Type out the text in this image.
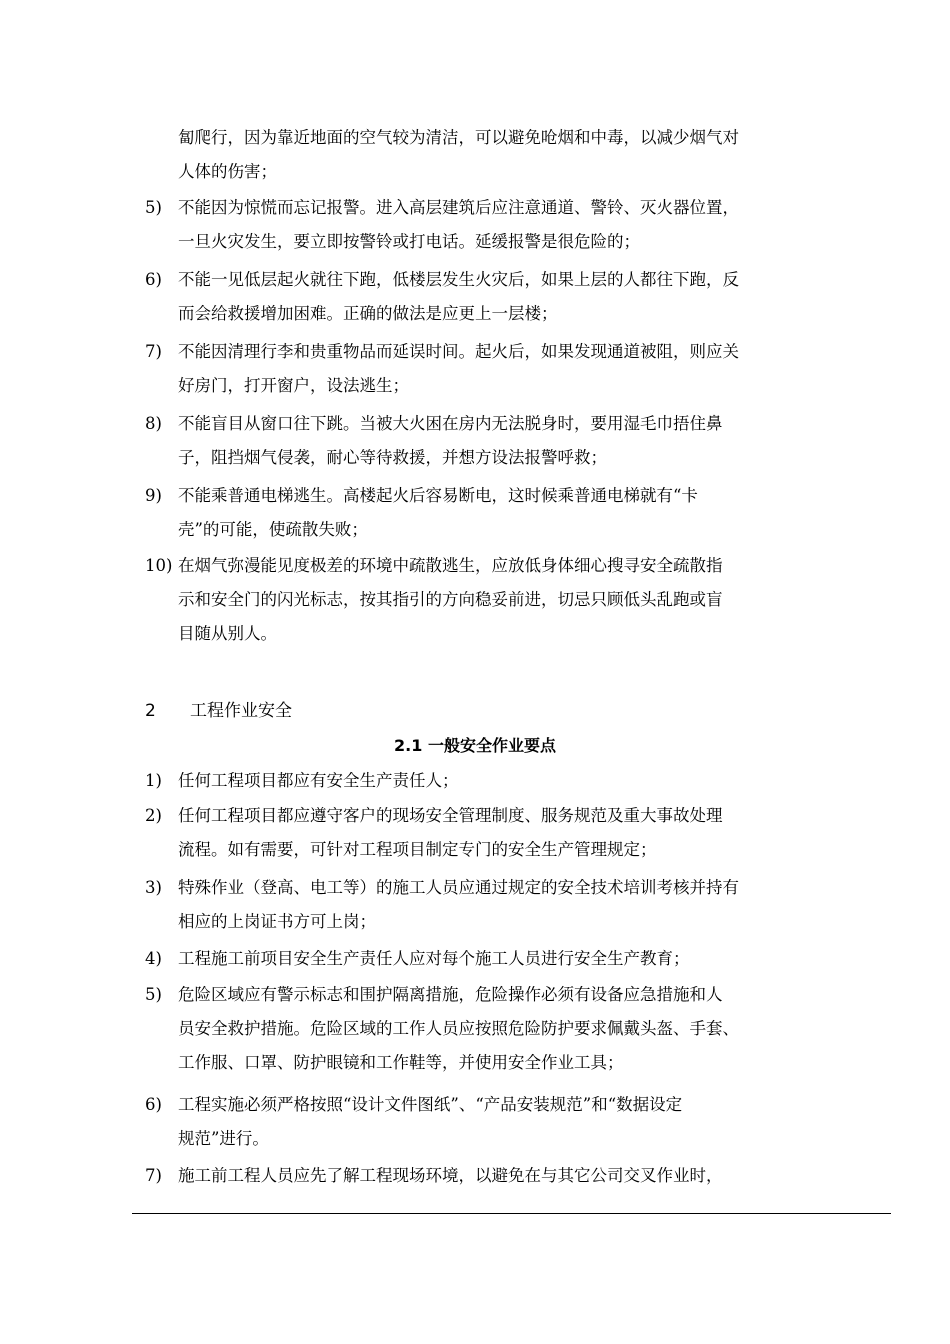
匐爬行，因为靠近地面的空气较为清洁，可以避免呛烟和中毒，以减少烟气对
人体的伤害；
5) 不能因为惊慌而忘记报警。进入高层建筑后应注意通道、警铃、灭火器位置，
一旦火灾发生，要立即按警铃或打电话。延缓报警是很危险的；
6) 不能一见低层起火就往下跑，低楼层发生火灾后，如果上层的人都往下跑，反
而会给救援增加困难。正确的做法是应更上一层楼；
7) 不能因清理行李和贵重物品而延误时间。起火后，如果发现通道被阻，则应关
好房门，打开窗户，设法逃生；
8) 不能盲目从窗口往下跳。当被大火困在房内无法脱身时，要用湿毛巾捂住鼻
子，阻挡烟气侵袭，耐心等待救援，并想方设法报警呼救；
9) 不能乘普通电梯逃生。高楼起火后容易断电，这时候乘普通电梯就有“卡
壳”的可能，使疏散失败；
10) 在烟气弥漫能见度极差的环境中疏散逃生，应放低身体细心搜寻安全疏散指
示和安全门的闪光标志，按其指引的方向稳妥前进，切忌只顾低头乱跑或盲
目随从别人。
2 工程作业安全
2.1 一般安全作业要点
1) 任何工程项目都应有安全生产责任人；
2) 任何工程项目都应遵守客户的现场安全管理制度、服务规范及重大事故处理
流程。如有需要，可针对工程项目制定专门的安全生产管理规定；
3) 特殊作业（登高、电工等）的施工人员应通过规定的安全技术培训考核并持有
相应的上岗证书方可上岗；
4) 工程施工前项目安全生产责任人应对每个施工人员进行安全生产教育；
5) 危险区域应有警示标志和围护隔离措施，危险操作必须有设备应急措施和人
员安全救护措施。危险区域的工作人员应按照危险防护要求佩戴头盔、手套、
工作服、口罩、防护眼镜和工作鞋等，并使用安全作业工具；
6) 工程实施必须严格按照“设计文件图纸”、“产品安装规范”和“数据设定
规范”进行。
7) 施工前工程人员应先了解工程现场环境，以避免在与其它公司交叉作业时，
